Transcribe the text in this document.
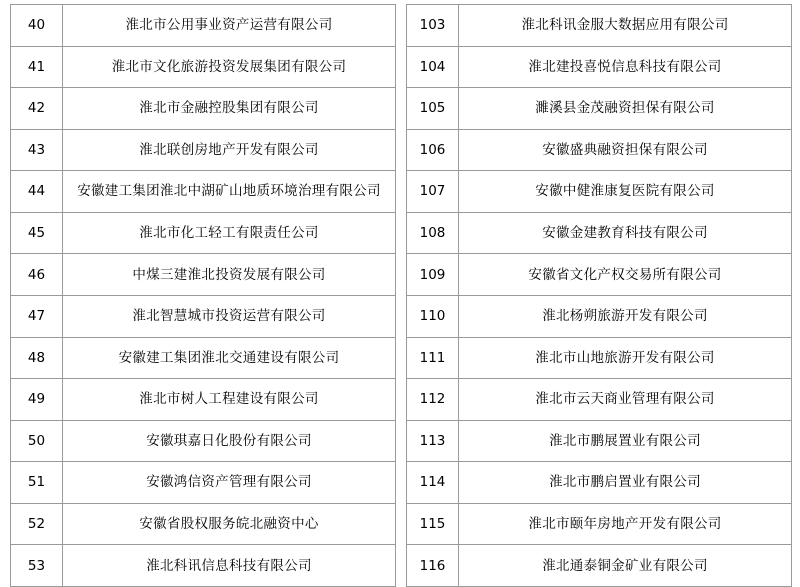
40	淮北市公用事业资产运营有限公司
41	淮北市文化旅游投资发展集团有限公司
42	淮北市金融控股集团有限公司
43	淮北联创房地产开发有限公司
44	安徽建工集团淮北中湖矿山地质环境治理有限公司
45	淮北市化工轻工有限责任公司
46	中煤三建淮北投资发展有限公司
47	淮北智慧城市投资运营有限公司
48	安徽建工集团淮北交通建设有限公司
49	淮北市树人工程建设有限公司
50	安徽琪嘉日化股份有限公司
51	安徽鸿信资产管理有限公司
52	安徽省股权服务皖北融资中心
53	淮北科讯信息科技有限公司
103	淮北科讯金服大数据应用有限公司
104	淮北建投喜悦信息科技有限公司
105	濉溪县金茂融资担保有限公司
106	安徽盛典融资担保有限公司
107	安徽中健淮康复医院有限公司
108	安徽金建教育科技有限公司
109	安徽省文化产权交易所有限公司
110	淮北杨朔旅游开发有限公司
111	淮北市山地旅游开发有限公司
112	淮北市云天商业管理有限公司
113	淮北市鹏展置业有限公司
114	淮北市鹏启置业有限公司
115	淮北市颐年房地产开发有限公司
116	淮北通泰铜金矿业有限公司
